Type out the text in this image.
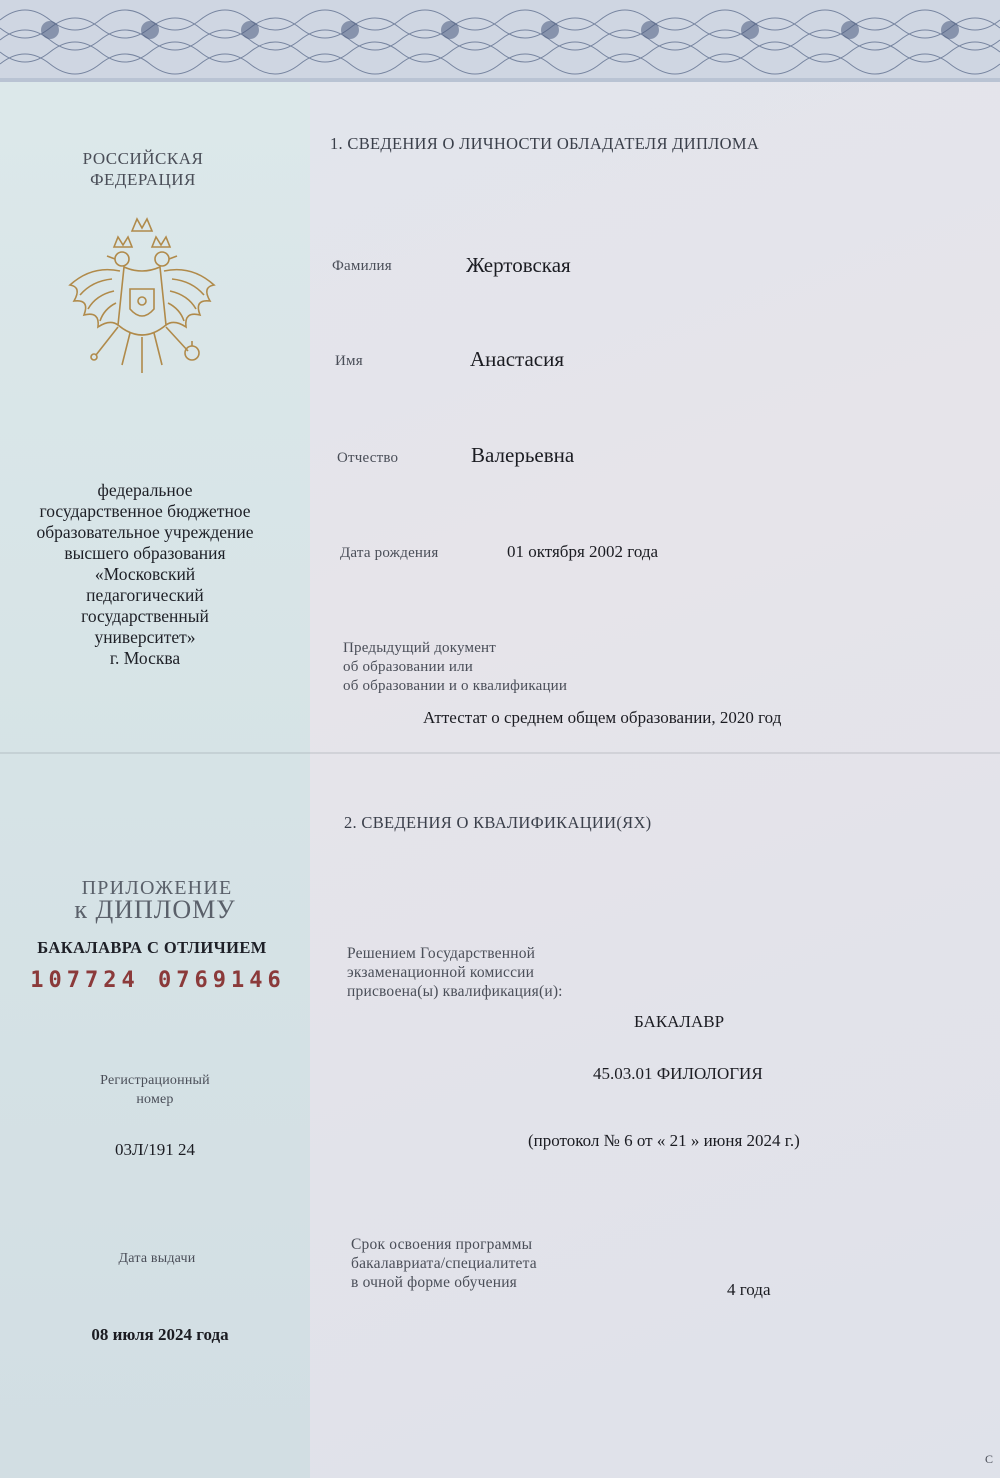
РОССИЙСКАЯ
ФЕДЕРАЦИЯ
федеральное
государственное бюджетное
образовательное учреждение
высшего образования
«Московский
педагогический
государственный
университет»
г. Москва
ПРИЛОЖЕНИЕ
к ДИПЛОМУ
БАКАЛАВРА С ОТЛИЧИЕМ
107724 0769146
Регистрационный
номер
03Л/191 24
Дата выдачи
08 июля 2024 года
1. СВЕДЕНИЯ О ЛИЧНОСТИ ОБЛАДАТЕЛЯ ДИПЛОМА
Фамилия	Жертовская
Имя	Анастасия
Отчество	Валерьевна
Дата рождения	01 октября 2002 года
Предыдущий документ
об образовании или
об образовании и о квалификации
Аттестат о среднем общем образовании, 2020 год
2. СВЕДЕНИЯ О КВАЛИФИКАЦИИ(ЯХ)
Решением Государственной
экзаменационной комиссии
присвоена(ы) квалификация(и):
БАКАЛАВР
45.03.01 ФИЛОЛОГИЯ
(протокол № 6 от « 21 » июня 2024 г.)
Срок освоения программы
бакалавриата/специалитета
в очной форме обучения	4 года
С
